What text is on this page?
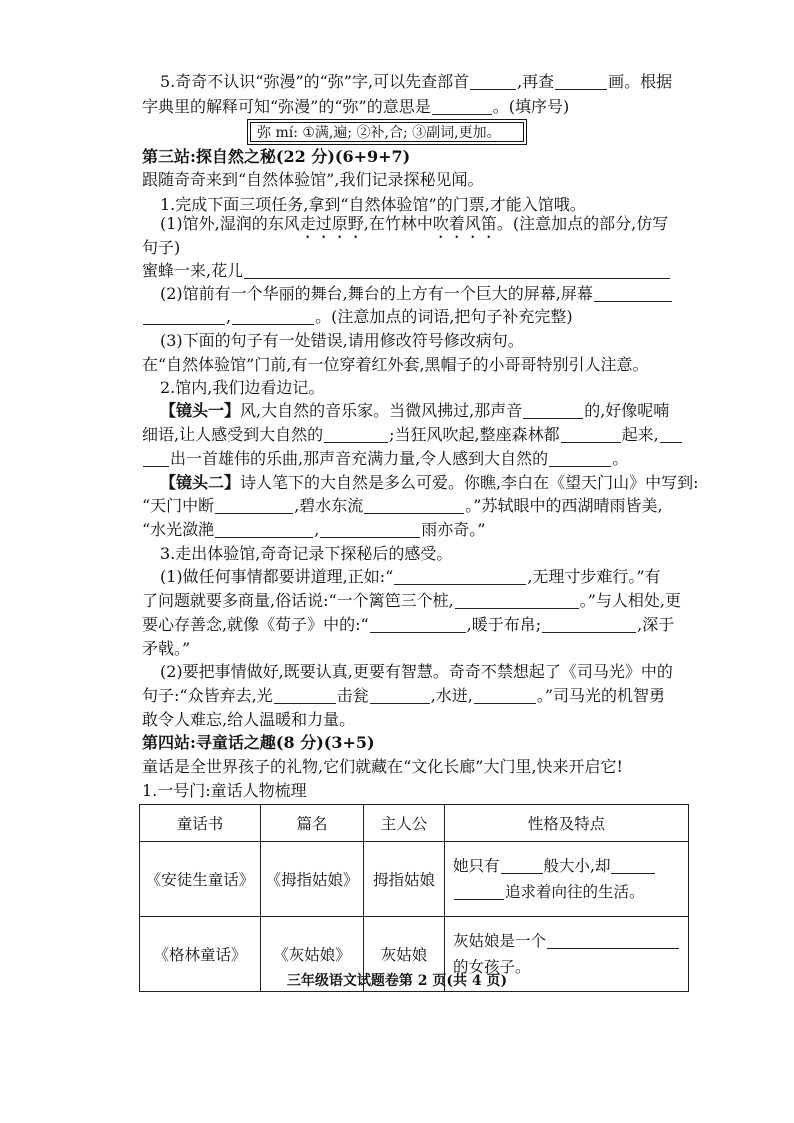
5.奇奇不认识“弥漫”的“弥”字,可以先查部首	,再查	画。根据
字典里的解释可知“弥漫”的“弥”的意思是	。(填序号)
弥 mí: ①满,遍; ②补,合; ③副词,更加。
第三站:探自然之秘(22 分)(6+9+7)
跟随奇奇来到“自然体验馆”,我们记录探秘见闻。
1.完成下面三项任务,拿到“自然体验馆”的门票,才能入馆哦。
(1)馆外,湿润的东风走过原野,在竹林中吹着风笛。(注意加点的部分,仿写
句子)
蜜蜂一来,花儿
(2)馆前有一个华丽的舞台,舞台的上方有一个巨大的屏幕,屏幕
,	。(注意加点的词语,把句子补充完整)
(3)下面的句子有一处错误,请用修改符号修改病句。
在“自然体验馆”门前,有一位穿着红外套,黑帽子的小哥哥特别引人注意。
2.馆内,我们边看边记。
【镜头一】风,大自然的音乐家。当微风拂过,那声音	的,好像呢喃
细语,让人感受到大自然的	;当狂风吹起,整座森林都	起来,
出一首雄伟的乐曲,那声音充满力量,令人感到大自然的	。
【镜头二】诗人笔下的大自然是多么可爱。你瞧,李白在《望天门山》中写到:
“天门中断	,碧水东流	。”苏轼眼中的西湖晴雨皆美,
“水光潋滟	,	雨亦奇。”
3.走出体验馆,奇奇记录下探秘后的感受。
(1)做任何事情都要讲道理,正如:“	,无理寸步难行。”有
了问题就要多商量,俗话说:“一个篱笆三个桩,	。”与人相处,更
要心存善念,就像《荀子》中的:“	,暖于布帛;	,深于
矛戟。”
(2)要把事情做好,既要认真,更要有智慧。奇奇不禁想起了《司马光》中的
句子:“众皆弃去,光	击瓮	,水迸,	。”司马光的机智勇
敢令人难忘,给人温暖和力量。
第四站:寻童话之趣(8 分)(3+5)
童话是全世界孩子的礼物,它们就藏在“文化长廊”大门里,快来开启它!
1.一号门:童话人物梳理
童话书	篇名	主人公	性格及特点
《安徒生童话》	《拇指姑娘》	拇指姑娘	她只有 般大小,却
追求着向往的生活。
《格林童话》	《灰姑娘》	灰姑娘	灰姑娘是一个
的女孩子。
三年级语文试题卷第 2 页(共 4 页)
